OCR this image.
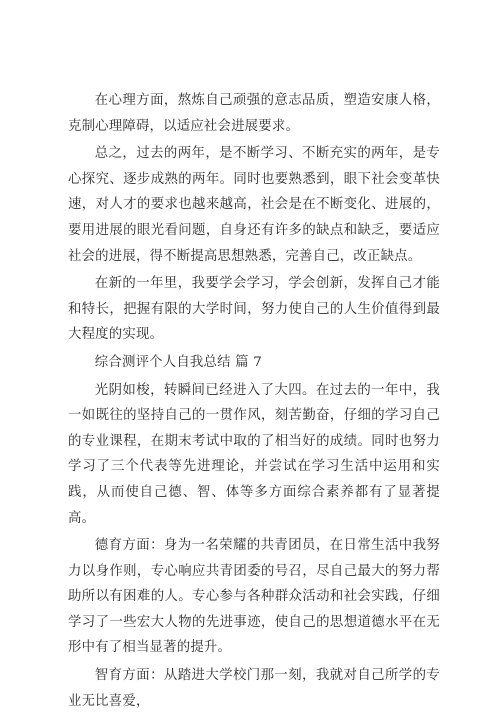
在心理方面，熬炼自己顽强的意志品质，塑造安康人格，克制心理障碍，以适应社会进展要求。

总之，过去的两年，是不断学习、不断充实的两年，是专心探究、逐步成熟的两年。同时也要熟悉到，眼下社会变革快速，对人才的要求也越来越高，社会是在不断变化、进展的，要用进展的眼光看问题，自身还有许多的缺点和缺乏，要适应社会的进展，得不断提高思想熟悉，完善自己，改正缺点。

在新的一年里，我要学会学习，学会创新，发挥自己才能和特长，把握有限的大学时间，努力使自己的人生价值得到最大程度的实现。

综合测评个人自我总结 篇 7

光阴如梭，转瞬间已经进入了大四。在过去的一年中，我一如既往的坚持自己的一贯作风，刻苦勤奋，仔细的学习自己的专业课程，在期末考试中取的了相当好的成绩。同时也努力学习了三个代表等先进理论，并尝试在学习生活中运用和实践，从而使自己德、智、体等多方面综合素养都有了显著提高。

德育方面：身为一名荣耀的共青团员，在日常生活中我努力以身作则，专心响应共青团委的号召，尽自己最大的努力帮助所以有困难的人。专心参与各种群众活动和社会实践，仔细学习了一些宏大人物的先进事迹，使自己的思想道德水平在无形中有了相当显著的提升。

智育方面：从踏进大学校门那一刻，我就对自己所学的专业无比喜爱，
